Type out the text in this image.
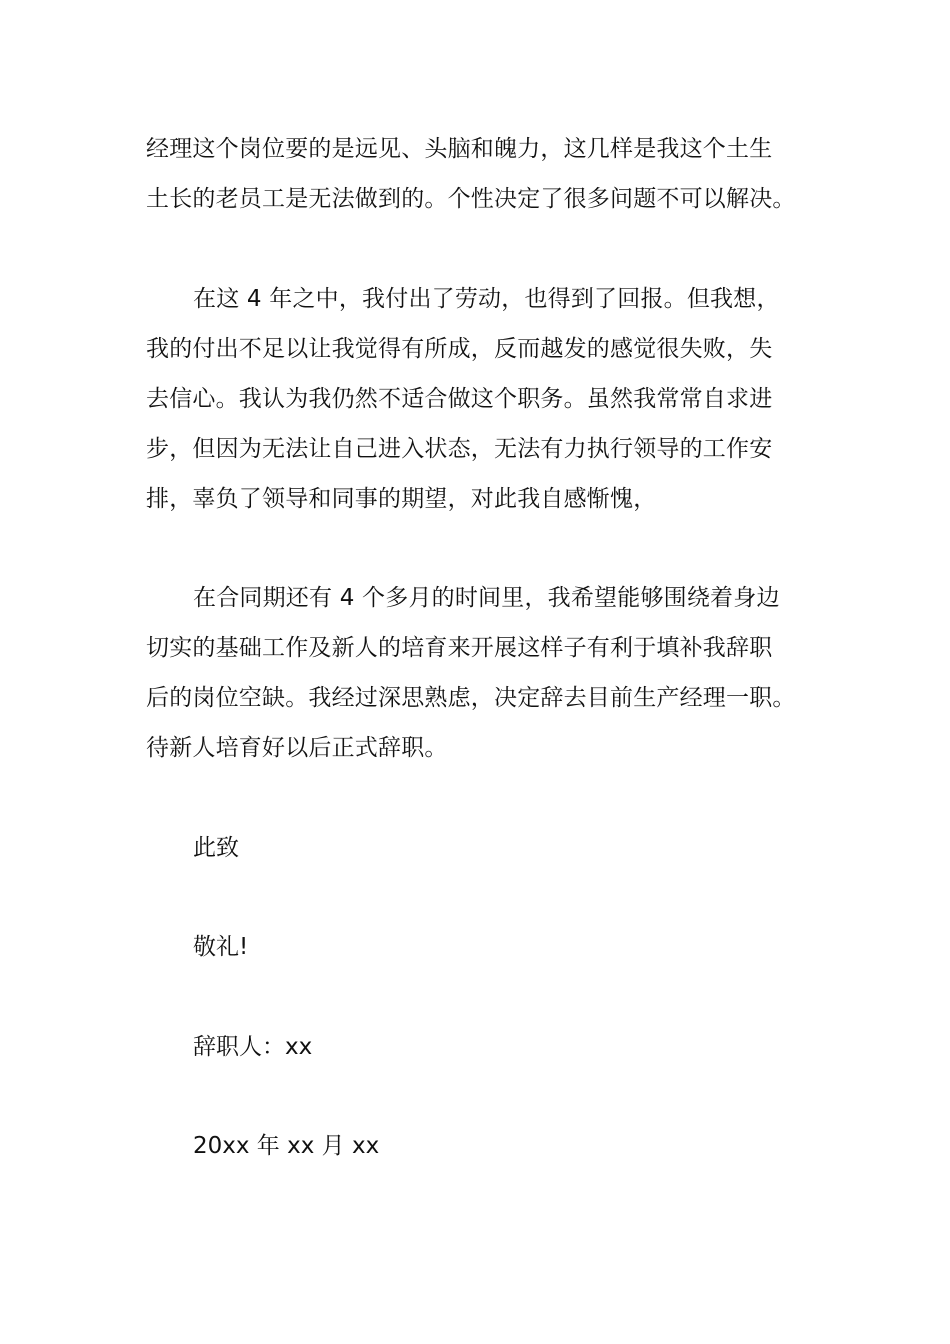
经理这个岗位要的是远见、头脑和魄力，这几样是我这个土生
土长的老员工是无法做到的。个性决定了很多问题不可以解决。
在这 4 年之中，我付出了劳动，也得到了回报。但我想，
我的付出不足以让我觉得有所成，反而越发的感觉很失败，失
去信心。我认为我仍然不适合做这个职务。虽然我常常自求进
步，但因为无法让自己进入状态，无法有力执行领导的工作安
排，辜负了领导和同事的期望，对此我自感惭愧，
在合同期还有 4 个多月的时间里，我希望能够围绕着身边
切实的基础工作及新人的培育来开展这样子有利于填补我辞职
后的岗位空缺。我经过深思熟虑，决定辞去目前生产经理一职。
待新人培育好以后正式辞职。

此致

敬礼!

辞职人：xx

20xx 年 xx 月 xx
